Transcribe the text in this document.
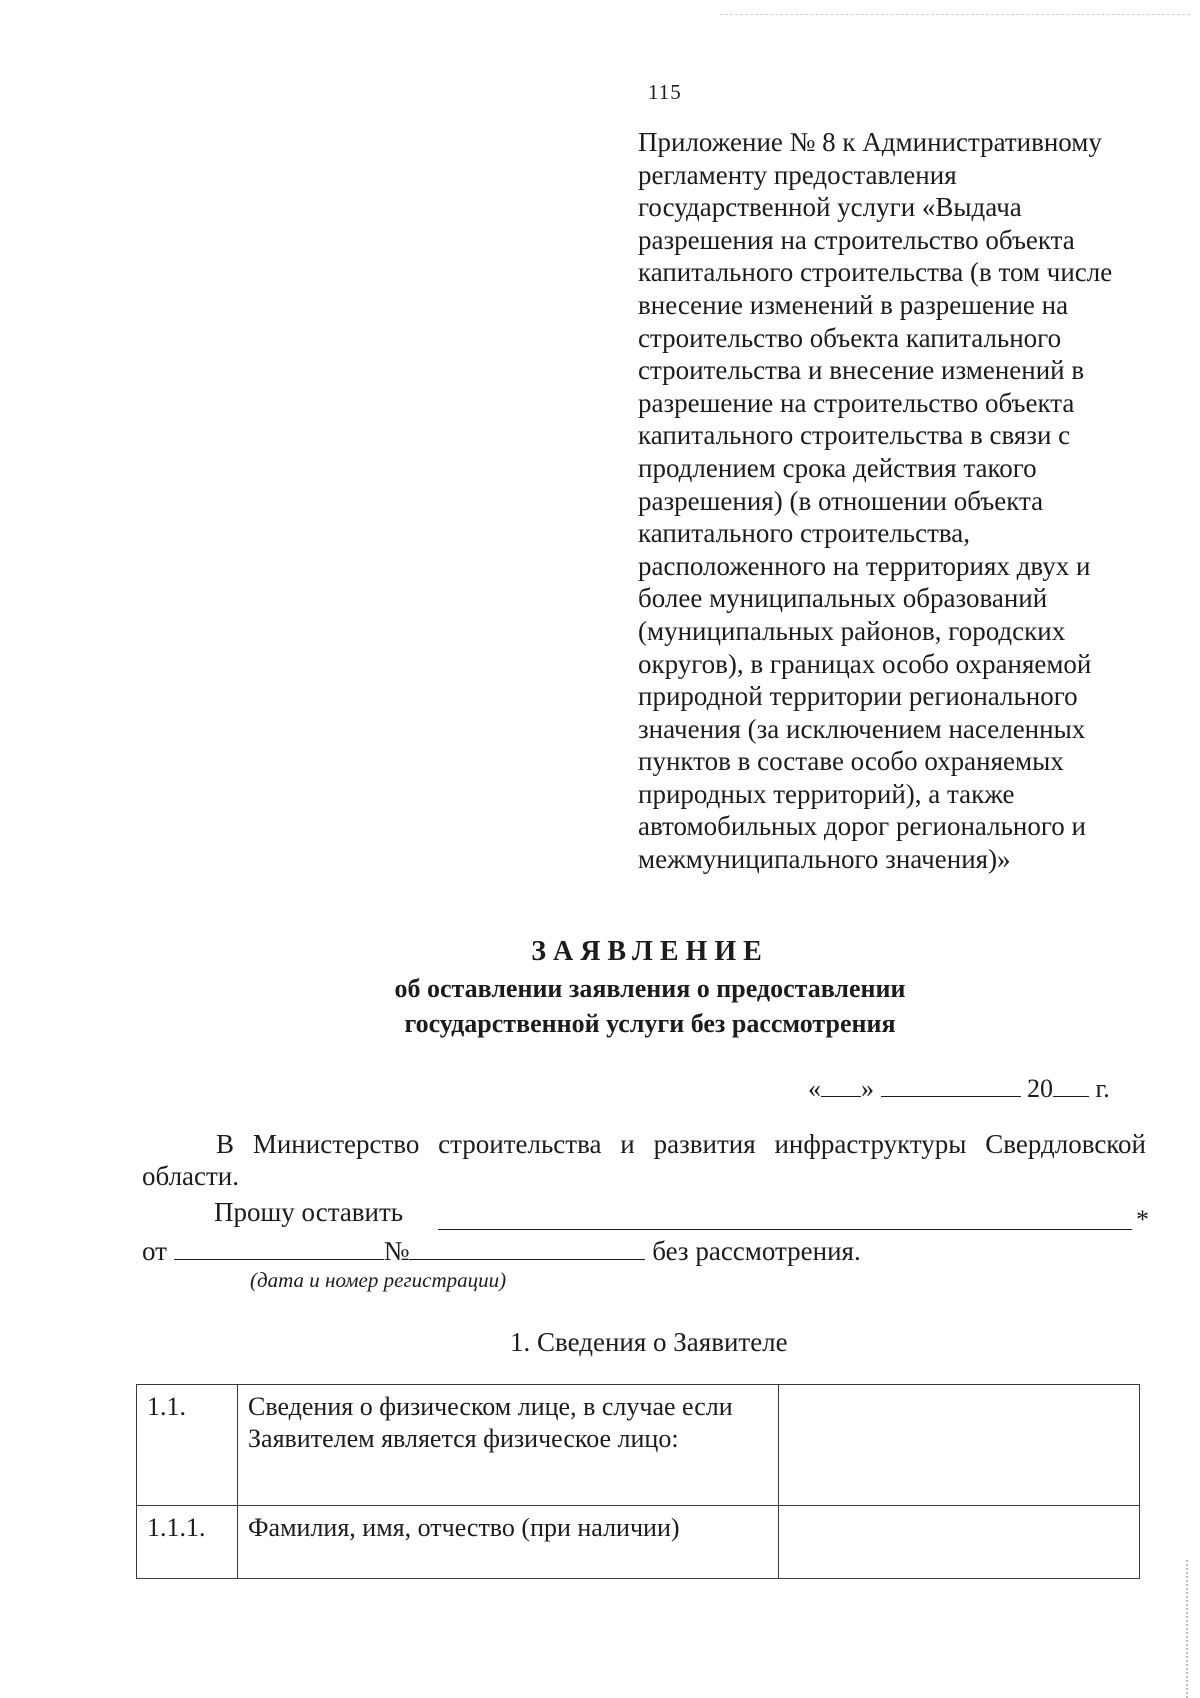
115
Приложение № 8 к Административному
регламенту предоставления
государственной услуги «Выдача
разрешения на строительство объекта
капитального строительства (в том числе
внесение изменений в разрешение на
строительство объекта капитального
строительства и внесение изменений в
разрешение на строительство объекта
капитального строительства в связи с
продлением срока действия такого
разрешения) (в отношении объекта
капитального строительства,
расположенного на территориях двух и
более муниципальных образований
(муниципальных районов, городских
округов), в границах особо охраняемой
природной территории регионального
значения (за исключением населенных
пунктов в составе особо охраняемых
природных территорий), а также
автомобильных дорог регионального и
межмуниципального значения)»
ЗАЯВЛЕНИЕ
об оставлении заявления о предоставлении
государственной услуги без рассмотрения
« »	20 г.
В Министерство строительства и развития инфраструктуры Свердловской
области.
Прошу оставить	*
от	№	без рассмотрения.
(дата и номер регистрации)
1. Сведения о Заявителе
1.1.	Сведения о физическом лице, в случае если Заявителем является физическое лицо:	
1.1.1.	Фамилия, имя, отчество (при наличии)	
